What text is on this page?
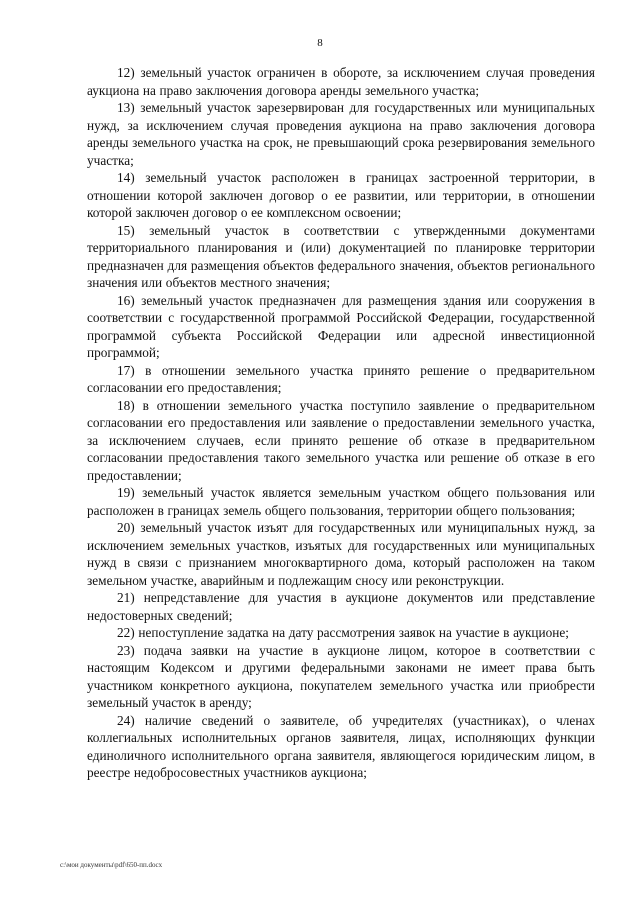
8

12) земельный участок ограничен в обороте, за исключением случая проведения аукциона на право заключения договора аренды земельного участка;

13) земельный участок зарезервирован для государственных или муниципальных нужд, за исключением случая проведения аукциона на право заключения договора аренды земельного участка на срок, не превышающий срока резервирования земельного участка;

14) земельный участок расположен в границах застроенной территории, в отношении которой заключен договор о ее развитии, или территории, в отношении которой заключен договор о ее комплексном освоении;

15) земельный участок в соответствии с утвержденными документами территориального планирования и (или) документацией по планировке территории предназначен для размещения объектов федерального значения, объектов регионального значения или объектов местного значения;

16) земельный участок предназначен для размещения здания или сооружения в соответствии с государственной программой Российской Федерации, государственной программой субъекта Российской Федерации или адресной инвестиционной программой;

17) в отношении земельного участка принято решение о предварительном согласовании его предоставления;

18) в отношении земельного участка поступило заявление о предварительном согласовании его предоставления или заявление о предоставлении земельного участка, за исключением случаев, если принято решение об отказе в предварительном согласовании предоставления такого земельного участка или решение об отказе в его предоставлении;

19) земельный участок является земельным участком общего пользования или расположен в границах земель общего пользования, территории общего пользования;

20) земельный участок изъят для государственных или муниципальных нужд, за исключением земельных участков, изъятых для государственных или муниципальных нужд в связи с признанием многоквартирного дома, который расположен на таком земельном участке, аварийным и подлежащим сносу или реконструкции.

21) непредставление для участия в аукционе документов или представление недостоверных сведений;

22) непоступление задатка на дату рассмотрения заявок на участие в аукционе;

23) подача заявки на участие в аукционе лицом, которое в соответствии с настоящим Кодексом и другими федеральными законами не имеет права быть участником конкретного аукциона, покупателем земельного участка или приобрести земельный участок в аренду;

24) наличие сведений о заявителе, об учредителях (участниках), о членах коллегиальных исполнительных органов заявителя, лицах, исполняющих функции единоличного исполнительного органа заявителя, являющегося юридическим лицом, в реестре недобросовестных участников аукциона;

c:\мои документы\pdf\650-пп.docx
